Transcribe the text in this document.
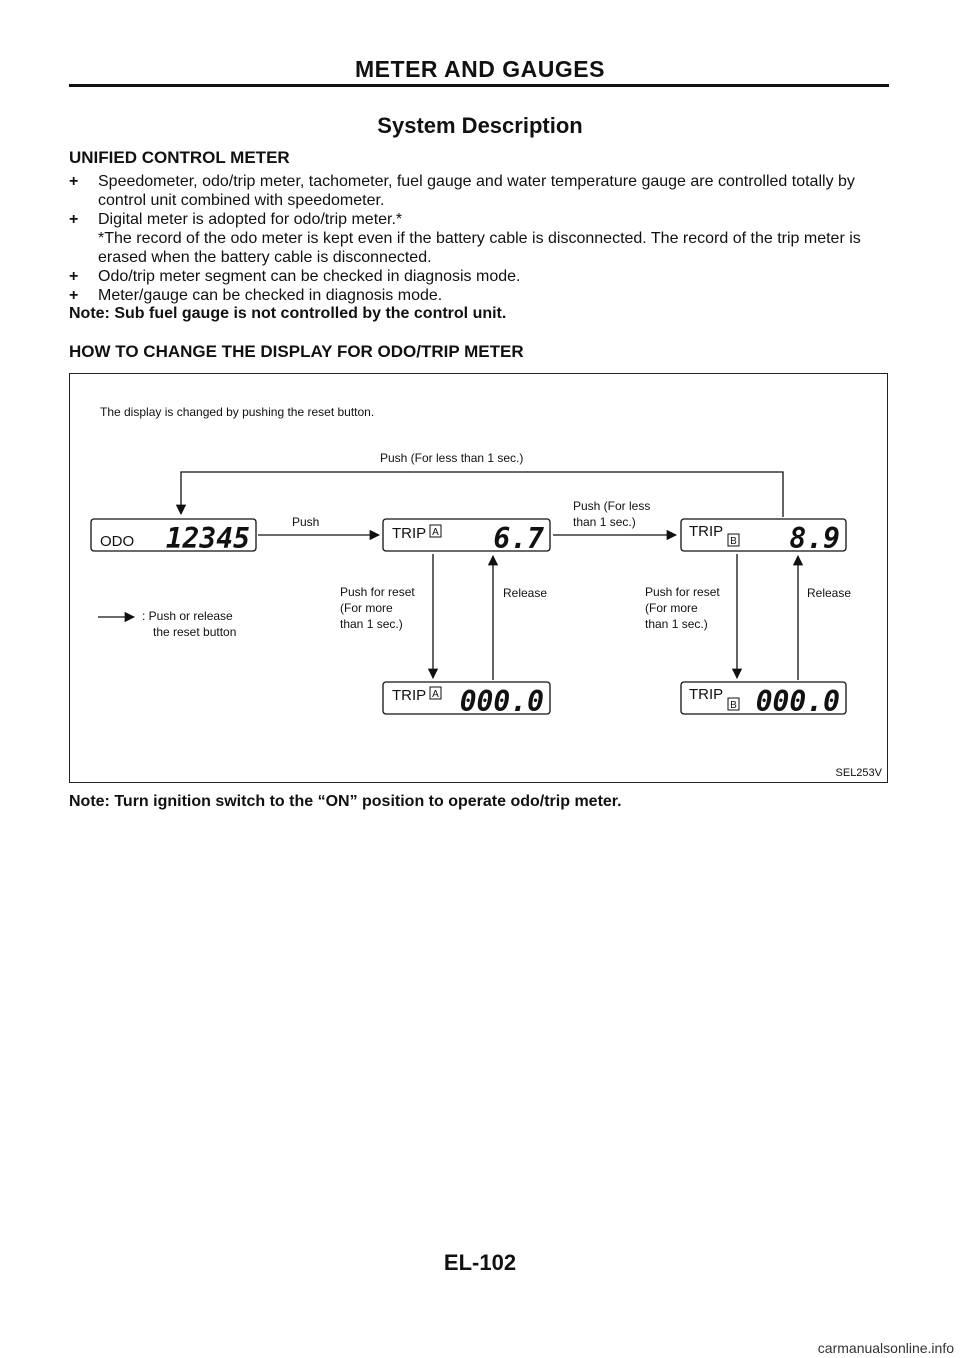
METER AND GAUGES
System Description
UNIFIED CONTROL METER
+ Speedometer, odo/trip meter, tachometer, fuel gauge and water temperature gauge are controlled totally by control unit combined with speedometer.
+ Digital meter is adopted for odo/trip meter.*
*The record of the odo meter is kept even if the battery cable is disconnected. The record of the trip meter is erased when the battery cable is disconnected.
+ Odo/trip meter segment can be checked in diagnosis mode.
+ Meter/gauge can be checked in diagnosis mode.
Note: Sub fuel gauge is not controlled by the control unit.
HOW TO CHANGE THE DISPLAY FOR ODO/TRIP METER
The display is changed by pushing the reset button.
Push (For less than 1 sec.)
ODO 12345	Push
TRIP A 6.7
Push (For less
than 1 sec.)
TRIP
B 8.9
Push for reset
(For more
than 1 sec.)
Release	Push for reset
(For more
than 1 sec.)
Release
: Push or release
the reset button
TRIP A 000.0	TRIP
B 000.0
SEL253V
Note: Turn ignition switch to the “ON” position to operate odo/trip meter.
EL-102
carmanualsonline.info
